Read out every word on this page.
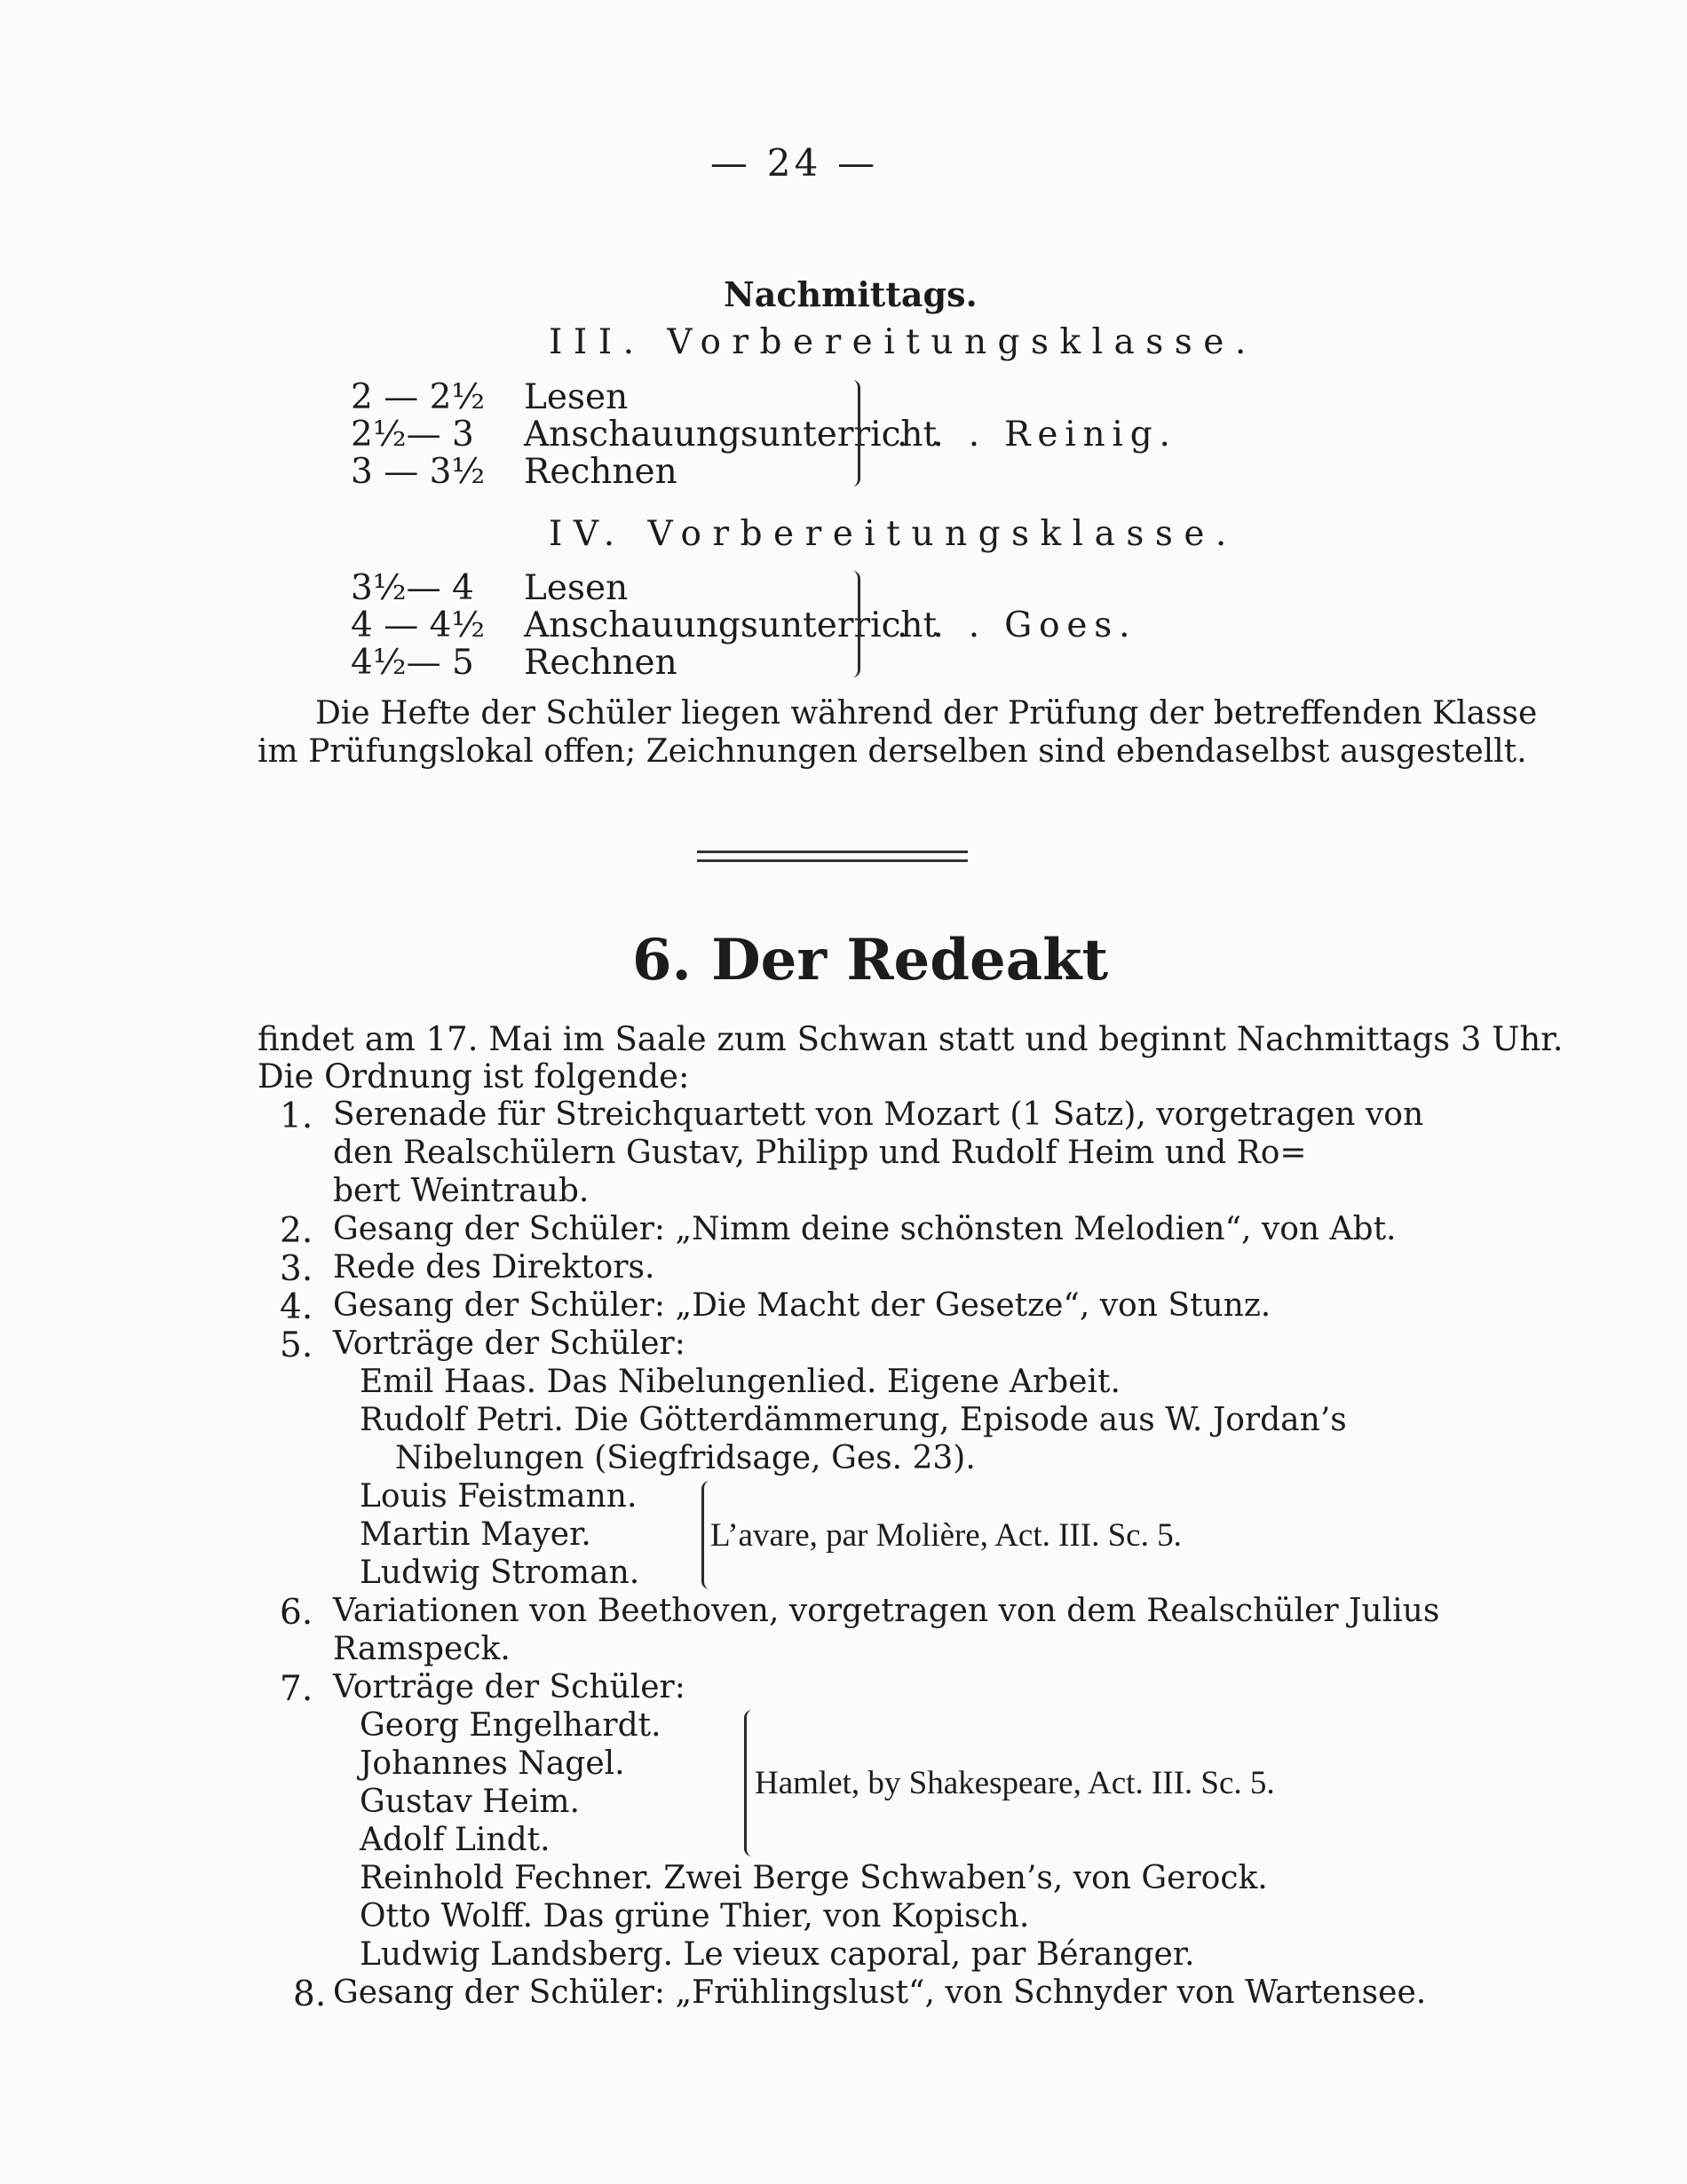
— 24 —
Nachmittags.
III. Vorbereitungsklasse.
2 — 2½ Lesen
2½— 3 Anschauungsunterricht
3 — 3½ Rechnen
. . . Reinig.
IV. Vorbereitungsklasse.
3½— 4 Lesen
4 — 4½ Anschauungsunterricht
4½— 5 Rechnen
. . . Goes.
Die Hefte der Schüler liegen während der Prüfung der betreffenden Klasse
im Prüfungslokal offen; Zeichnungen derselben sind ebendaselbst ausgestellt.
6. Der Redeakt
findet am 17. Mai im Saale zum Schwan statt und beginnt Nachmittags 3 Uhr.
Die Ordnung ist folgende:
1. Serenade für Streichquartett von Mozart (1 Satz), vorgetragen von
den Realschülern Gustav, Philipp und Rudolf Heim und Ro=
bert Weintraub.
2. Gesang der Schüler: „Nimm deine schönsten Melodien“, von Abt.
3. Rede des Direktors.
4. Gesang der Schüler: „Die Macht der Gesetze“, von Stunz.
5. Vorträge der Schüler:
Emil Haas. Das Nibelungenlied. Eigene Arbeit.
Rudolf Petri. Die Götterdämmerung, Episode aus W. Jordan’s
Nibelungen (Siegfridsage, Ges. 23).
Louis Feistmann.
Martin Mayer.
Ludwig Stroman.
L’avare, par Molière, Act. III. Sc. 5.
6. Variationen von Beethoven, vorgetragen von dem Realschüler Julius
Ramspeck.
7. Vorträge der Schüler:
Georg Engelhardt.
Johannes Nagel.
Gustav Heim.
Adolf Lindt.
Hamlet, by Shakespeare, Act. III. Sc. 5.
Reinhold Fechner. Zwei Berge Schwaben’s, von Gerock.
Otto Wolff. Das grüne Thier, von Kopisch.
Ludwig Landsberg. Le vieux caporal, par Béranger.
8. Gesang der Schüler: „Frühlingslust“, von Schnyder von Wartensee.
